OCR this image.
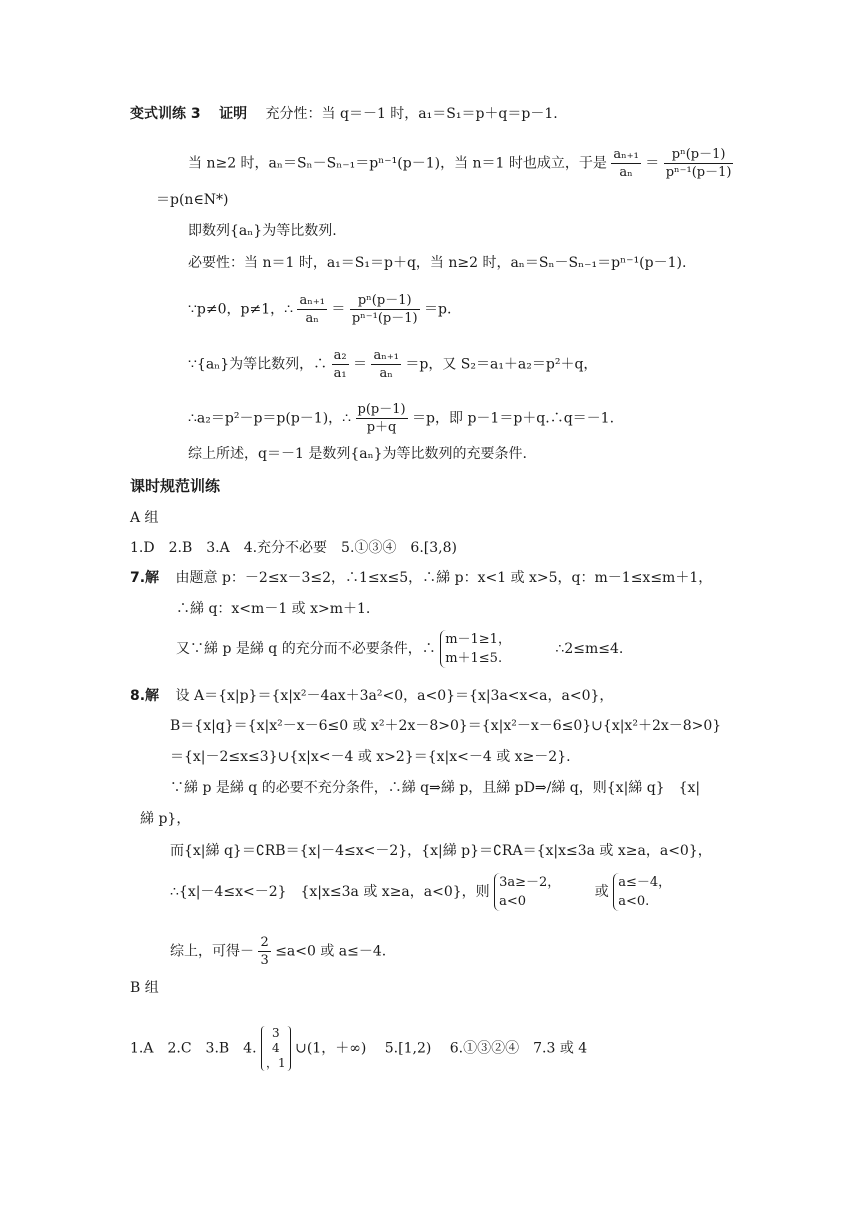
变式训练 3 证明 充分性：当 q＝－1 时，a₁＝S₁＝p＋q＝p－1.
当 n≥2 时，aₙ＝Sₙ－Sₙ₋₁＝pⁿ⁻¹(p－1)，当 n＝1 时也成立，于是 $\frac{\text{aₙ₊₁}}{\text{aₙ}} = \frac{\text{pⁿ(p－1)}}{\text{pⁿ⁻¹(p－1)}}$
＝p(n∈N*)
即数列{aₙ}为等比数列.
必要性：当 n＝1 时，a₁＝S₁＝p＋q，当 n≥2 时，aₙ＝Sₙ－Sₙ₋₁＝pⁿ⁻¹(p－1).
∵p≠0，p≠1，∴ $\frac{\text{aₙ₊₁}}{\text{aₙ}} = \frac{\text{pⁿ(p－1)}}{\text{pⁿ⁻¹(p－1)}} =p$.
∵{aₙ}为等比数列，∴ $\frac{\text{a₂}}{\text{a₁}} = \frac{\text{aₙ₊₁}}{\text{aₙ}} =p$，又 S₂＝a₁＋a₂＝p²＋q，
∴a₂＝p²－p＝p(p－1)，∴ $\frac{p(p-1)}{p+q} =p$，即 p－1＝p＋q.∴q＝－1.
综上所述，q＝－1 是数列{aₙ}为等比数列的充要条件.
课时规范训练
A 组
1.D　2.B　3.A　4.充分不必要　5.①③④　6.[3,8)
7.解 由题意 p：－2≤x－3≤2，∴1≤x≤5，∴綈 p：x<1 或 x>5，q：m－1≤x≤m＋1，
∴綈 q：x<m－1 或 x>m＋1.
又∵綈 p 是綈 q 的充分而不必要条件，∴
m－1≥1，
m＋1≤5.
∴2≤m≤4.
8.解 设 A＝{x|p}＝{x|x²－4ax＋3a²<0，a<0}＝{x|3a<x<a，a<0}，
B＝{x|q}＝{x|x²－x－6≤0 或 x²＋2x－8>0}＝{x|x²－x－6≤0}∪{x|x²＋2x－8>0}
＝{x|－2≤x≤3}∪{x|x<－4 或 x>2}＝{x|x<－4 或 x≥－2}.
∵綈 p 是綈 q 的必要不充分条件，∴綈 q⇒綈 p，且綈 pD⇒/綈 q，则{x|綈 q}　{x|
綈 p}，
而{x|綈 q}＝∁RB＝{x|－4≤x<－2}，{x|綈 p}＝∁RA＝{x|x≤3a 或 x≥a，a<0}，
∴{x|－4≤x<－2}　{x|x≤3a 或 x≥a，a<0}，则
3a≥－2，
a<0
或
a≤－4，
a<0.
综上，可得－ $\frac{2}{3} \le a<0$ 或 a≤－4.
B 组
1.A　2.C　3.B　4.
3
4
，1
∪(1，＋∞)　 5.[1,2)　 6.①③②④　7.3 或 4
